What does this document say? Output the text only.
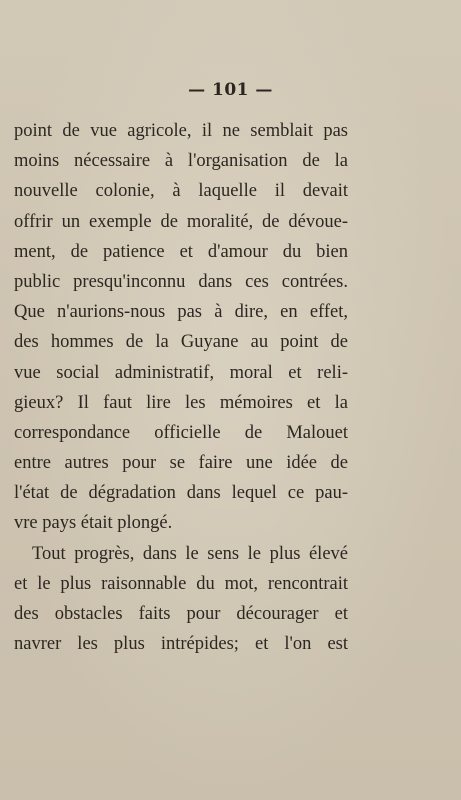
— 101 —
point de vue agricole, il ne semblait pas
moins nécessaire à l'organisation de la
nouvelle colonie, à laquelle il devait
offrir un exemple de moralité, de dévoue-
ment, de patience et d'amour du bien
public presqu'inconnu dans ces contrées.
Que n'aurions-nous pas à dire, en effet,
des hommes de la Guyane au point de
vue social administratif, moral et reli-
gieux? Il faut lire les mémoires et la
correspondance officielle de Malouet
entre autres pour se faire une idée de
l'état de dégradation dans lequel ce pau-
vre pays était plongé.
Tout progrès, dans le sens le plus élevé
et le plus raisonnable du mot, rencontrait
des obstacles faits pour décourager et
navrer les plus intrépides; et l'on est
